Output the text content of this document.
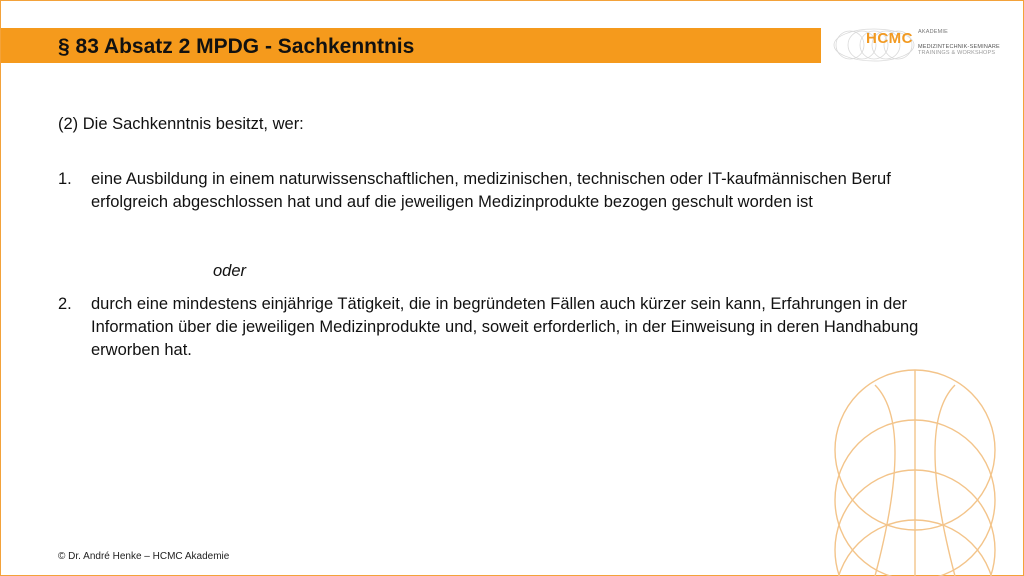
§ 83 Absatz 2 MPDG - Sachkenntnis	HCMC AKADEMIE
MEDIZINTECHNIK-SEMINARE
TRAININGS & WORKSHOPS
(2) Die Sachkenntnis besitzt, wer:
1. eine Ausbildung in einem naturwissenschaftlichen, medizinischen, technischen oder IT-kaufmännischen Beruf erfolgreich abgeschlossen hat und auf die jeweiligen Medizinprodukte bezogen geschult worden ist
oder
2. durch eine mindestens einjährige Tätigkeit, die in begründeten Fällen auch kürzer sein kann, Erfahrungen in der Information über die jeweiligen Medizinprodukte und, soweit erforderlich, in der Einweisung in deren Handhabung erworben hat.
© Dr. André Henke – HCMC Akademie
